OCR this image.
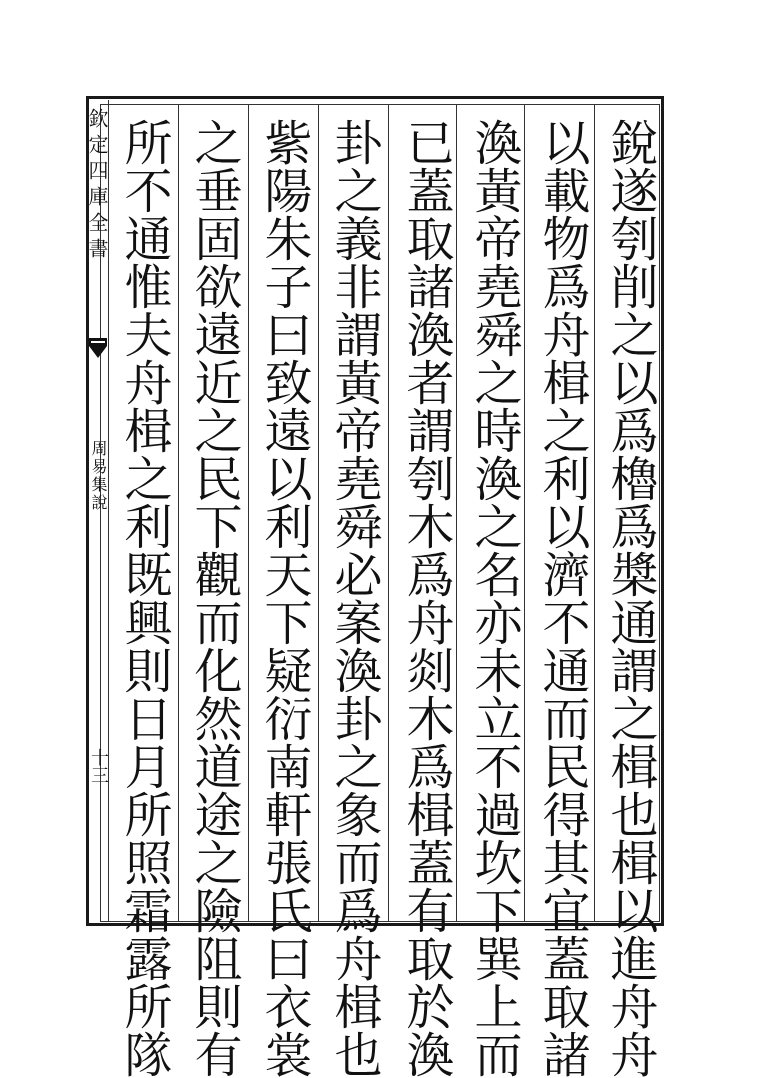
欽定四庫全書
周易集說
十三	銳遂刳削之以爲櫓爲槳通謂之楫也楫以進舟舟
以載物爲舟楫之利以濟不通而民得其宜蓋取諸
渙黃帝堯舜之時渙之名亦未立不過坎下巽上而
已蓋取諸渙者謂刳木爲舟剡木爲楫蓋有取於渙
卦之義非謂黃帝堯舜必案渙卦之象而爲舟楫也
紫陽朱子曰致遠以利天下疑衍南軒張氏曰衣裳
之垂固欲遠近之民下觀而化然道途之險阻則有
所不通惟夫舟楫之利既興則日月所照霜露所隊
